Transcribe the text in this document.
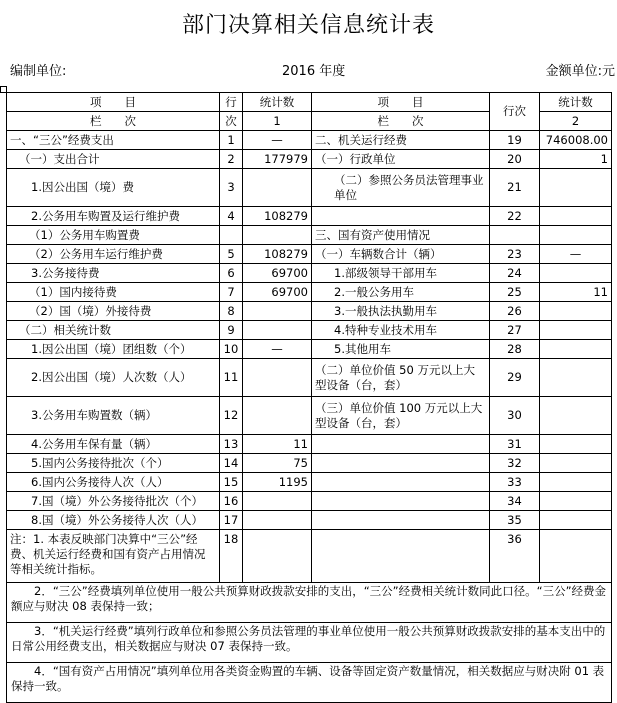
部门决算相关信息统计表
编制单位:	2016 年度	金额单位:元
项　　目	行	统计数	项　　目	行次	统计数
栏　　次	次	1	栏　　次		2
一、“三公”经费支出	1	—	二、机关运行经费	19	746008.00
（一）支出合计	2	177979	（一）行政单位	20	1
1.因公出国（境）费	3		（二）参照公务员法管理事业单位	21	
2.公务用车购置及运行维护费	4	108279		22	
（1）公务用车购置费			三、国有资产使用情况		
（2）公务用车运行维护费	5	108279	（一）车辆数合计（辆）	23	—
3.公务接待费	6	69700	1.部级领导干部用车	24	
（1）国内接待费	7	69700	2.一般公务用车	25	11
（2）国（境）外接待费	8		3.一般执法执勤用车	26	
（二）相关统计数	9		4.特种专业技术用车	27	
1.因公出国（境）团组数（个）	10	—	5.其他用车	28	
2.因公出国（境）人次数（人）	11		（二）单位价值 50 万元以上大型设备（台，套）	29	
3.公务用车购置数（辆）	12		（三）单位价值 100 万元以上大型设备（台，套）	30	
4.公务用车保有量（辆）	13	11		31	
5.国内公务接待批次（个）	14	75		32	
6.国内公务接待人次（人）	15	1195		33	
7.国（境）外公务接待批次（个）	16			34	
8.国（境）外公务接待人次（人）	17			35	
注：1. 本表反映部门决算中“三公”经费、机关运行经费和国有资产占用情况等相关统计指标。	18			36	
2．“三公”经费填列单位使用一般公共预算财政拨款安排的支出，“三公”经费相关统计数同此口径。“三公”经费金额应与财决 08 表保持一致；					
3．“机关运行经费”填列行政单位和参照公务员法管理的事业单位使用一般公共预算财政拨款安排的基本支出中的日常公用经费支出，相关数据应与财决 07 表保持一致。					
4．“国有资产占用情况”填列单位用各类资金购置的车辆、设备等固定资产数量情况，相关数据应与财决附 01 表保持一致。					
